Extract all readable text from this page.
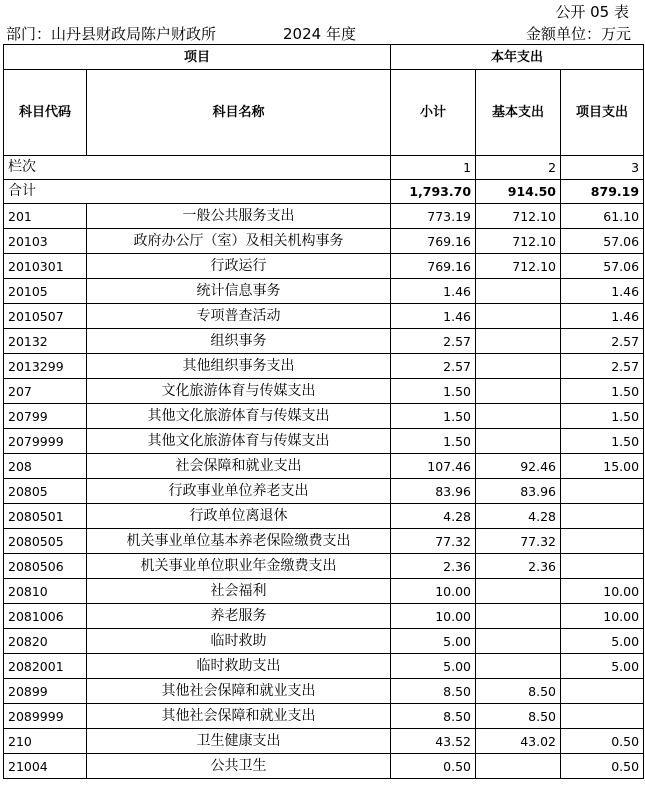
公开 05 表
部门：山丹县财政局陈户财政所	2024 年度	金额单位：万元
项目		本年支出		
科目代码	科目名称	小计	基本支出	项目支出
栏次		1	2	3
合计		1,793.70	914.50	879.19
201	一般公共服务支出	773.19	712.10	61.10
20103	政府办公厅（室）及相关机构事务	769.16	712.10	57.06
2010301	行政运行	769.16	712.10	57.06
20105	统计信息事务	1.46		1.46
2010507	专项普查活动	1.46		1.46
20132	组织事务	2.57		2.57
2013299	其他组织事务支出	2.57		2.57
207	文化旅游体育与传媒支出	1.50		1.50
20799	其他文化旅游体育与传媒支出	1.50		1.50
2079999	其他文化旅游体育与传媒支出	1.50		1.50
208	社会保障和就业支出	107.46	92.46	15.00
20805	行政事业单位养老支出	83.96	83.96	
2080501	行政单位离退休	4.28	4.28	
2080505	机关事业单位基本养老保险缴费支出	77.32	77.32	
2080506	机关事业单位职业年金缴费支出	2.36	2.36	
20810	社会福利	10.00		10.00
2081006	养老服务	10.00		10.00
20820	临时救助	5.00		5.00
2082001	临时救助支出	5.00		5.00
20899	其他社会保障和就业支出	8.50	8.50	
2089999	其他社会保障和就业支出	8.50	8.50	
210	卫生健康支出	43.52	43.02	0.50
21004	公共卫生	0.50		0.50
